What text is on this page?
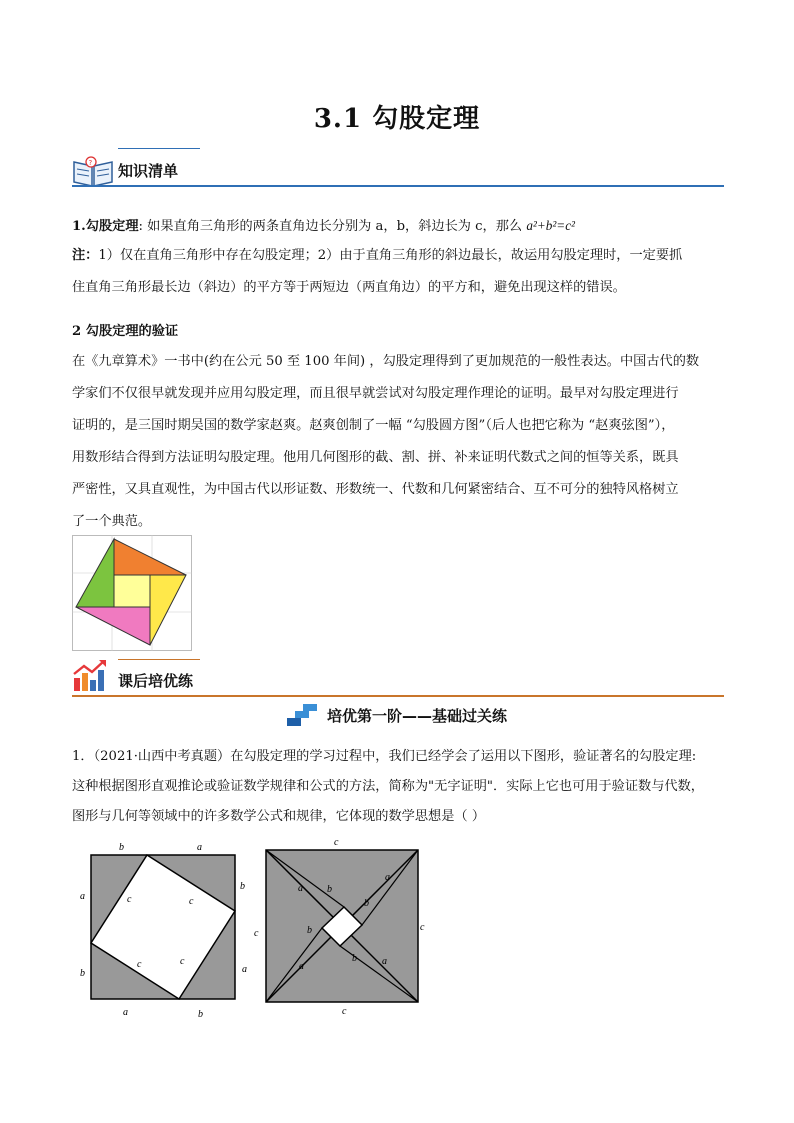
3.1 勾股定理
? 知识清单
1.勾股定理: 如果直角三角形的两条直角边长分别为 a，b，斜边长为 c，那么 a²+b²=c²
注：1）仅在直角三角形中存在勾股定理；2）由于直角三角形的斜边最长，故运用勾股定理时，一定要抓
住直角三角形最长边（斜边）的平方等于两短边（两直角边）的平方和，避免出现这样的错误。
2 勾股定理的验证
在《九章算术》一书中(约在公元 50 至 100 年间) ，勾股定理得到了更加规范的一般性表达。中国古代的数
学家们不仅很早就发现并应用勾股定理，而且很早就尝试对勾股定理作理论的证明。最早对勾股定理进行
证明的，是三国时期吴国的数学家赵爽。赵爽创制了一幅 “勾股圆方图”（后人也把它称为 “赵爽弦图”），
用数形结合得到方法证明勾股定理。他用几何图形的截、割、拼、补来证明代数式之间的恒等关系，既具
严密性，又具直观性，为中国古代以形证数、形数统一、代数和几何紧密结合、互不可分的独特风格树立
了一个典范。
课后培优练
培优第一阶——基础过关练
1．（2021·山西中考真题）在勾股定理的学习过程中，我们已经学会了运用以下图形，验证著名的勾股定理:
这种根据图形直观推论或验证数学规律和公式的方法，简称为"无字证明"．实际上它也可用于验证数与代数，
图形与几何等领域中的许多数学公式和规律，它体现的数学思想是（ ）
b	a
a
b
b
a
a	b
c	c
c	c
c
c
c
c
a
a
a	a
b
b
b
b
